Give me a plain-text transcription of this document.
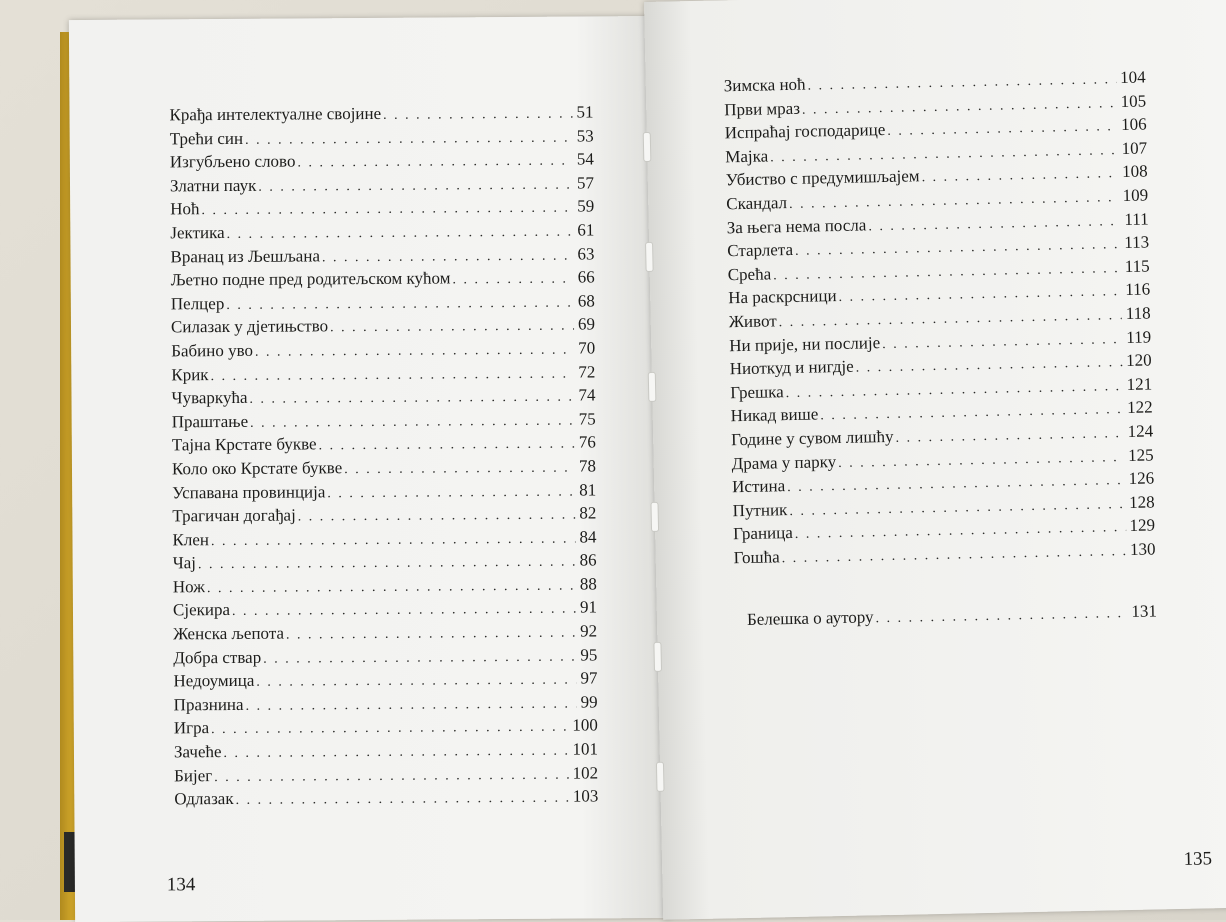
Крађа интелектуалне својине . . .	51
Трећи син . . .	53
Изгубљено слово . . .	54
Златни паук . . .	57
Ноћ . . .	59
Јектика . . .	61
Вранац из Љешљана . . .	63
Љетно подне пред родитељском кућом . . .	66
Пелцер . . .	68
Силазак у дјетињство . . .	69
Бабино уво . . .	70
Крик . . .	72
Чуваркућа . . .	74
Праштање . . .	75
Тајна Крстате букве . . .	76
Коло око Крстате букве . . .	78
Успавана провинција . . .	81
Трагичан догађај . . .	82
Клен . . .	84
Чај . . .	86
Нож . . .	88
Сјекира . . .	91
Женска љепота . . .	92
Добра ствар . . .	95
Недоумица . . .	97
Празнина . . .	99
Игра . . .	100
Зачеће . . .	101
Бијег . . .	102
Одлазак . . .	103
134
Зимска ноћ . . .	104
Први мраз . . .	105
Испраћај господарице . . .	106
Мајка . . .	107
Убиство с предумишљајем . . .	108
Скандал . . .	109
За њега нема посла . . .	111
Старлета . . .	113
Срећа . . .	115
На раскрсници . . .	116
Живот . . .	118
Ни прије, ни послије . . .	119
Ниоткуд и нигдје . . .	120
Грешка . . .	121
Никад више . . .	122
Године у сувом лишћу . . .	124
Драма у парку . . .	125
Истина . . .	126
Путник . . .	128
Граница . . .	129
Гошћа . . .	130
Белешка о аутору . . .	131
135
